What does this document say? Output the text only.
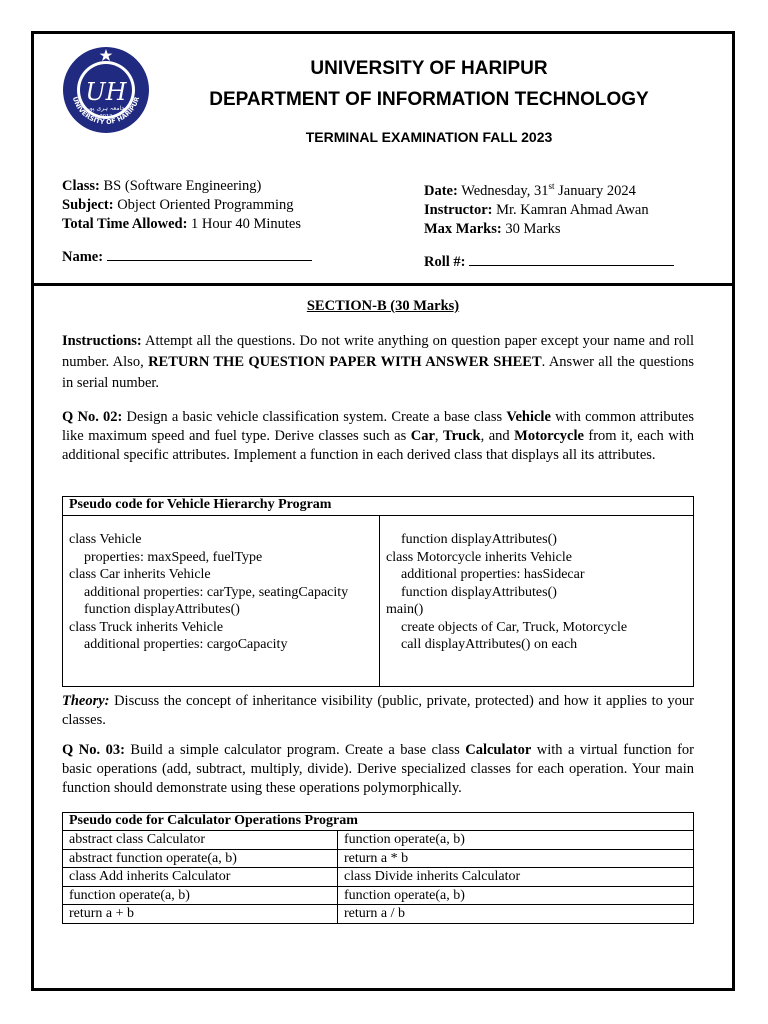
UH
جامعہ ہری پور
2012
UNIVERSITY OF HARIPUR
UNIVERSITY OF HARIPUR
DEPARTMENT OF INFORMATION TECHNOLOGY
TERMINAL EXAMINATION FALL 2023
Class: BS (Software Engineering)
Subject: Object Oriented Programming
Total Time Allowed: 1 Hour 40 Minutes
Name:
Date: Wednesday, 31st January 2024
Instructor: Mr. Kamran Ahmad Awan
Max Marks: 30 Marks
Roll #:
SECTION-B (30 Marks)
Instructions: Attempt all the questions. Do not write anything on question paper except your name and roll number. Also, RETURN THE QUESTION PAPER WITH ANSWER SHEET. Answer all the questions in serial number.
Q No. 02: Design a basic vehicle classification system. Create a base class Vehicle with common attributes like maximum speed and fuel type. Derive classes such as Car, Truck, and Motorcycle from it, each with additional specific attributes. Implement a function in each derived class that displays all its attributes.
Pseudo code for Vehicle Hierarchy Program

class Vehicle
properties: maxSpeed, fuelType
class Car inherits Vehicle
additional properties: carType, seatingCapacity
function displayAttributes()
class Truck inherits Vehicle
additional properties: cargoCapacity

function displayAttributes()
class Motorcycle inherits Vehicle
additional properties: hasSidecar
function displayAttributes()
main()
create objects of Car, Truck, Motorcycle
call displayAttributes() on each
Theory: Discuss the concept of inheritance visibility (public, private, protected) and how it applies to your classes.
Q No. 03: Build a simple calculator program. Create a base class Calculator with a virtual function for basic operations (add, subtract, multiply, divide). Derive specialized classes for each operation. Your main function should demonstrate using these operations polymorphically.
Pseudo code for Calculator Operations Program	
abstract class Calculator	function operate(a, b)
abstract function operate(a, b)	return a * b
class Add inherits Calculator	class Divide inherits Calculator
function operate(a, b)	function operate(a, b)
return a + b	return a / b
